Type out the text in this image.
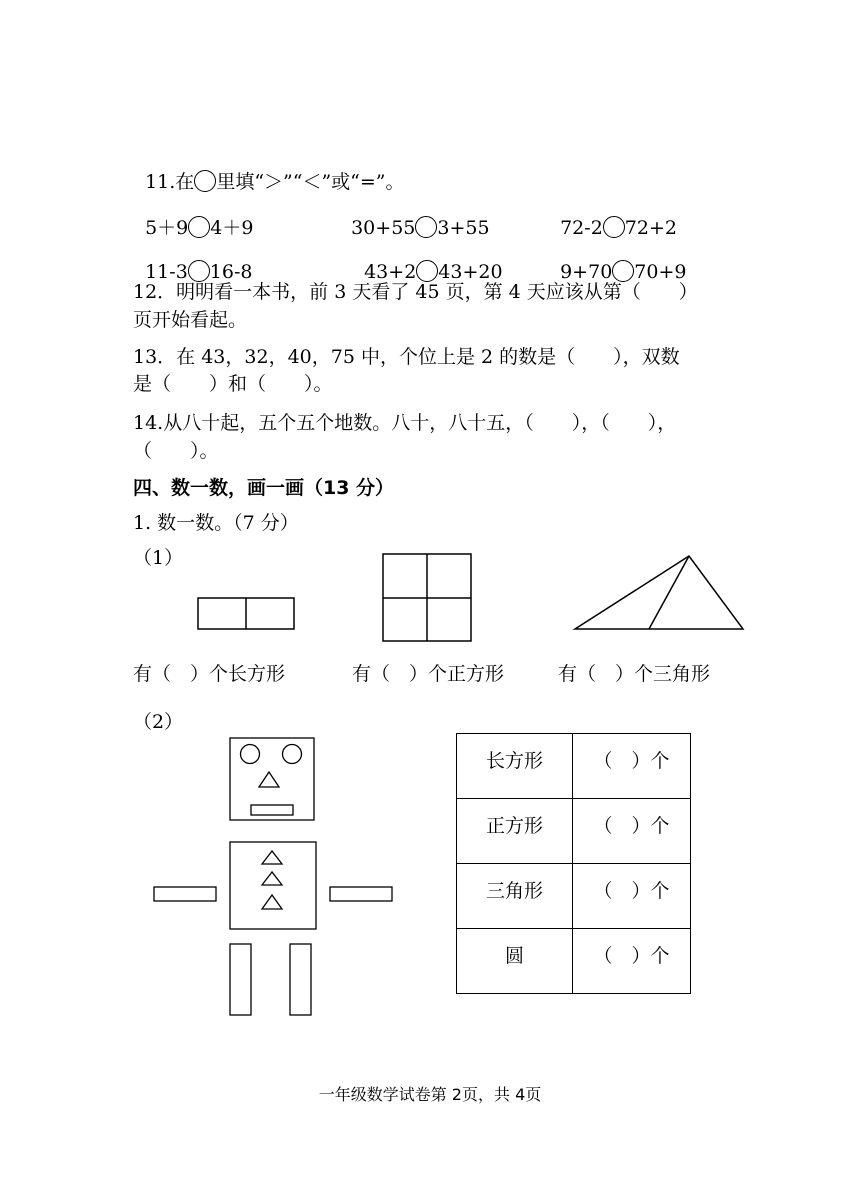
11.在 里填“＞”“＜”或“=”。

5＋9 4＋9	30+55 3+55	72-2 72+2

11-3 16-8	43+2 43+20	9+70 70+9

12．明明看一本书，前 3 天看了 45 页，第 4 天应该从第（　　）
页开始看起。
13．在 43，32，40，75 中，个位上是 2 的数是（　　），双数
是（　　）和（　　）。
14.从八十起，五个五个地数。八十，八十五，（　　），（　　），
（　　）。
四、数一数，画一画（13 分）
1. 数一数。（7 分）
（1）
有（　）个长方形	有（　）个正方形	有（　）个三角形
（2）
长方形	（　）个
正方形	（　）个
三角形	（　）个
圆	（　）个
一年级数学试卷第 2页，共 4页
